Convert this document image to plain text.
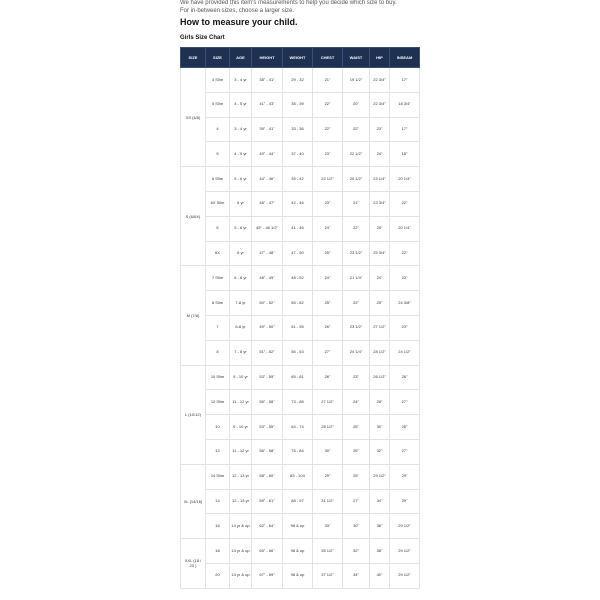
We have provided this item's measurements to help you decide which size to buy.

For in-between sizes, choose a larger size.

How to measure your child.
Girls Size Chart
SIZE	SIZE	AGE	HEIGHT	WEIGHT	CHEST	WAIST	HIP	INSEAM
XS (4/5)	4 Slim	3 - 4 yr	38" - 41"	29 - 32	21"	19 1/2"	22 3/4"	17"
	5 Slim	4 - 5 yr	41" - 43"	35 - 39	22"	20"	22 3/4"	18 3/4"
	4	3 - 4 yr	39" - 41"	33 - 36	22"	22"	23"	17"
	5	4 - 5 yr	40" - 44"	37 - 40	23"	22 1/2"	24"	18"
S (6/6X)	6 Slim	5 - 6 yr	44" - 46"	39 - 42	22 1/2"	20 1/2"	23 1/4"	20 1/4"
	6X Slim	6 yr	46" - 47"	42 - 46	23"	21"	23 3/4"	22"
	6	5 - 6 yr	45" - 46 1/2"	41 - 46	24"	22"	25"	20 1/4"
	6X	6 yr	47" - 48"	47 - 50	25"	23 1/2"	25 3/4"	22"
M (7/8)	7 Slim	6 - 8 yr	48" - 49"	48 - 52	24"	21 1/4"	24"	23"
	8 Slim	7-8 yr	50" - 52"	55 - 62	25"	22"	25"	24 3/8"
	7	6-8 yr	49" - 50"	51 - 55	26"	23 1/2"	27 1/2"	23"
	8	7 - 8 yr	51" - 52"	56 - 63	27"	24 1/4"	28 1/2"	24 1/2"
L (10/12)	10 Slim	9 - 10 yr	53" - 55"	65 - 81	26"	23"	26 1/2"	26"
	12 Slim	11 - 12 yr	56" - 58"	73 - 85	27 1/2"	24"	28"	27"
	10	9 - 10 yr	53" - 55"	64 - 74	28 1/2"	25"	30"	26"
	12	11 - 12 yr	56" - 58"	75 - 84	30"	26"	32"	27"
XL (14/16)	14 Slim	12 - 13 yr	58" - 60"	83 - 104	29"	25"	29 1/2"	29"
	14	12 - 13 yr	59" - 61"	88 - 97	31 1/2"	27"	34"	29"
	16	14 yr & up	62" - 64"	98 & up	33"	30"	36"	29 1/2"
XXL (18 / 20 )	18	14 yr & up	65" - 66"	98 & up	35 1/2"	32"	38"	29 1/2"
	20	14 yr & up	67" - 69"	98 & up	37 1/2"	34"	40"	29 1/2"
